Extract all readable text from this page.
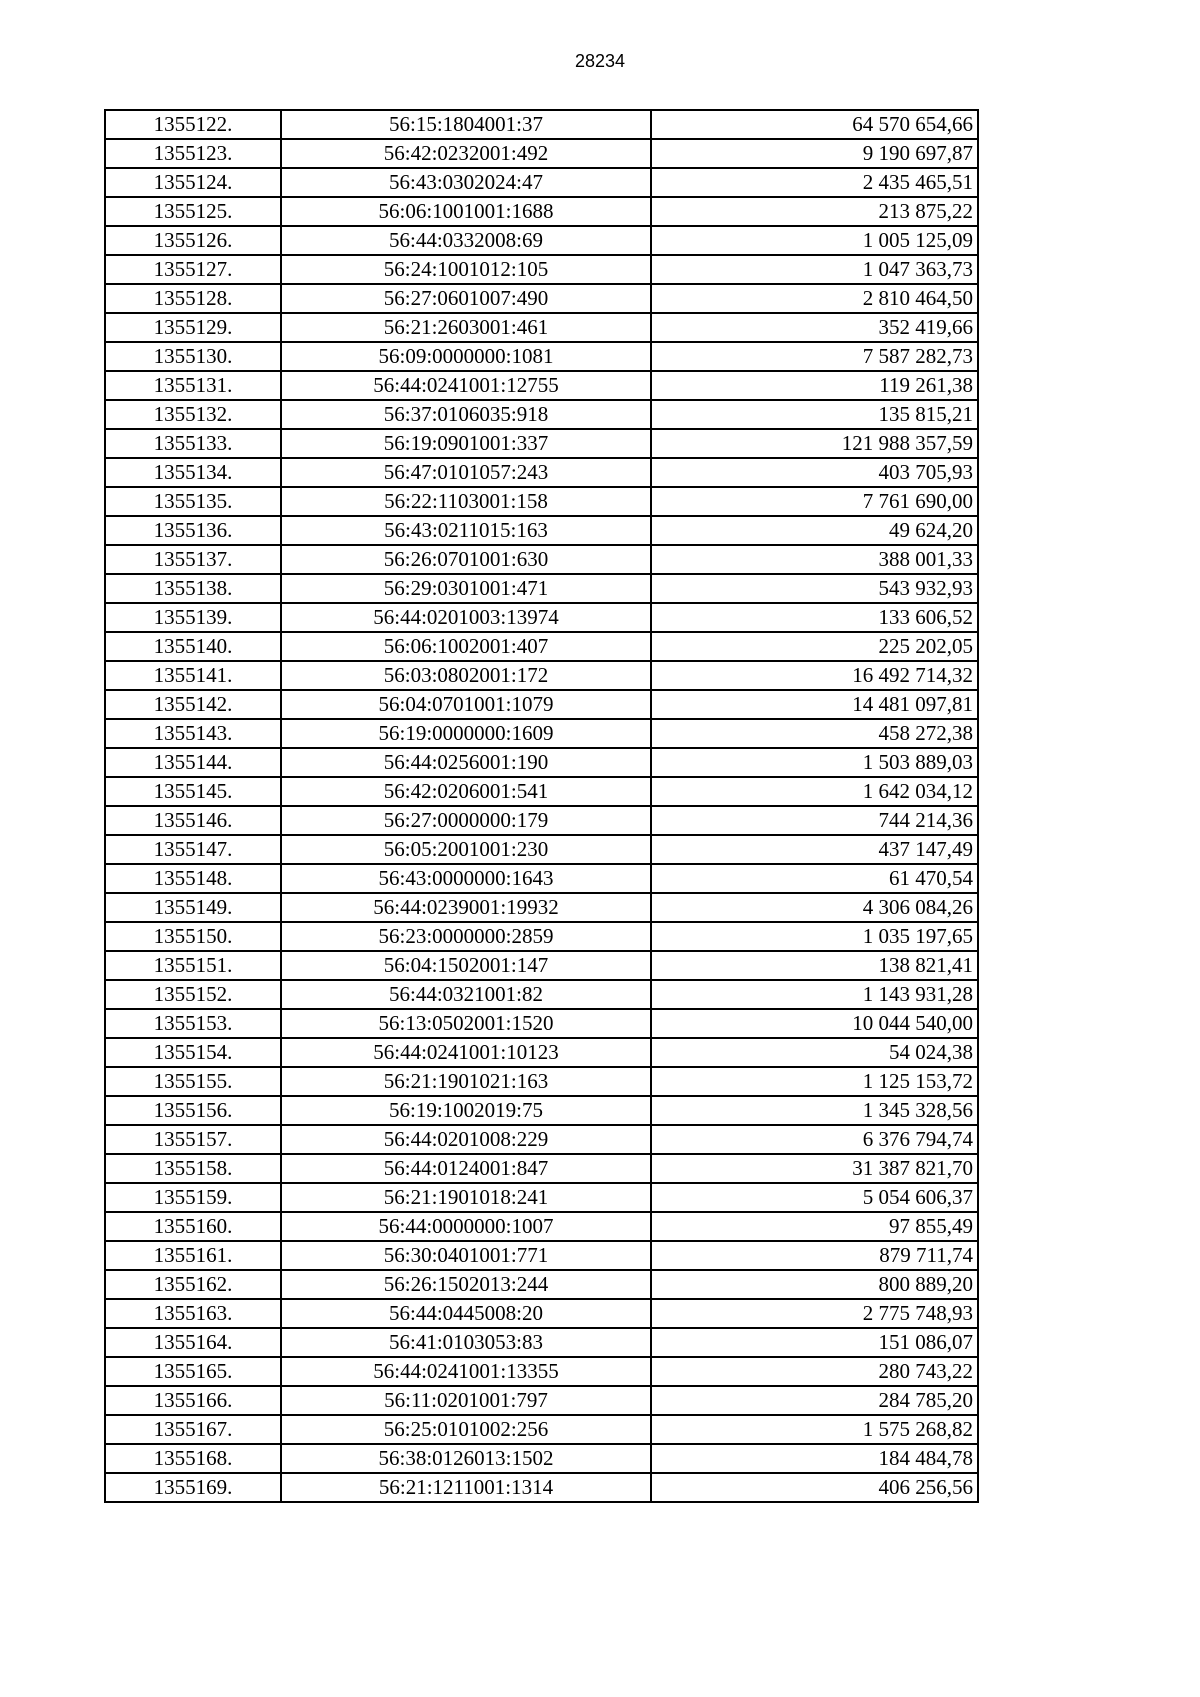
28234
1355122.	56:15:1804001:37	64 570 654,66
1355123.	56:42:0232001:492	9 190 697,87
1355124.	56:43:0302024:47	2 435 465,51
1355125.	56:06:1001001:1688	213 875,22
1355126.	56:44:0332008:69	1 005 125,09
1355127.	56:24:1001012:105	1 047 363,73
1355128.	56:27:0601007:490	2 810 464,50
1355129.	56:21:2603001:461	352 419,66
1355130.	56:09:0000000:1081	7 587 282,73
1355131.	56:44:0241001:12755	119 261,38
1355132.	56:37:0106035:918	135 815,21
1355133.	56:19:0901001:337	121 988 357,59
1355134.	56:47:0101057:243	403 705,93
1355135.	56:22:1103001:158	7 761 690,00
1355136.	56:43:0211015:163	49 624,20
1355137.	56:26:0701001:630	388 001,33
1355138.	56:29:0301001:471	543 932,93
1355139.	56:44:0201003:13974	133 606,52
1355140.	56:06:1002001:407	225 202,05
1355141.	56:03:0802001:172	16 492 714,32
1355142.	56:04:0701001:1079	14 481 097,81
1355143.	56:19:0000000:1609	458 272,38
1355144.	56:44:0256001:190	1 503 889,03
1355145.	56:42:0206001:541	1 642 034,12
1355146.	56:27:0000000:179	744 214,36
1355147.	56:05:2001001:230	437 147,49
1355148.	56:43:0000000:1643	61 470,54
1355149.	56:44:0239001:19932	4 306 084,26
1355150.	56:23:0000000:2859	1 035 197,65
1355151.	56:04:1502001:147	138 821,41
1355152.	56:44:0321001:82	1 143 931,28
1355153.	56:13:0502001:1520	10 044 540,00
1355154.	56:44:0241001:10123	54 024,38
1355155.	56:21:1901021:163	1 125 153,72
1355156.	56:19:1002019:75	1 345 328,56
1355157.	56:44:0201008:229	6 376 794,74
1355158.	56:44:0124001:847	31 387 821,70
1355159.	56:21:1901018:241	5 054 606,37
1355160.	56:44:0000000:1007	97 855,49
1355161.	56:30:0401001:771	879 711,74
1355162.	56:26:1502013:244	800 889,20
1355163.	56:44:0445008:20	2 775 748,93
1355164.	56:41:0103053:83	151 086,07
1355165.	56:44:0241001:13355	280 743,22
1355166.	56:11:0201001:797	284 785,20
1355167.	56:25:0101002:256	1 575 268,82
1355168.	56:38:0126013:1502	184 484,78
1355169.	56:21:1211001:1314	406 256,56
